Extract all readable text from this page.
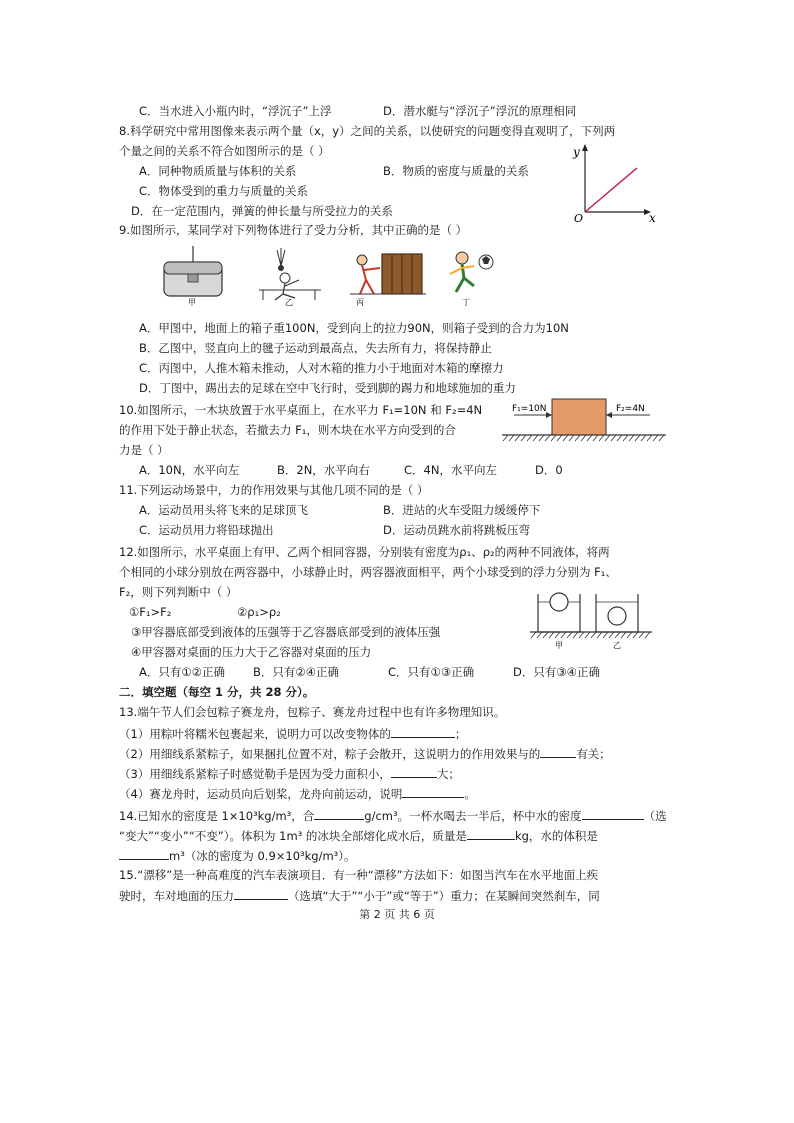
C．当水进入小瓶内时，“浮沉子”上浮	D．潜水艇与“浮沉子”浮沉的原理相同
8.科学研究中常用图像来表示两个量（x，y）之间的关系，以使研究的问题变得直观明了，下列两
个量之间的关系不符合如图所示的是（ ）
A．同种物质质量与体积的关系	B．物质的密度与质量的关系
C．物体受到的重力与质量的关系
D．在一定范围内，弹簧的伸长量与所受拉力的关系
y
x
O
9.如图所示，某同学对下列物体进行了受力分析，其中正确的是（ ）
甲	乙	丙	丁
A．甲图中，地面上的箱子重100N，受到向上的拉力90N，则箱子受到的合力为10N
B．乙图中，竖直向上的毽子运动到最高点，失去所有力，将保持静止
C．丙图中，人推木箱未推动，人对木箱的推力小于地面对木箱的摩擦力
D．丁图中，踢出去的足球在空中飞行时，受到脚的踢力和地球施加的重力
10.如图所示，一木块放置于水平桌面上，在水平力 F₁=10N 和 F₂=4N
的作用下处于静止状态，若撤去力 F₁，则木块在水平方向受到的合
力是（ ）
F₁=10N	F₂=4N
A．10N，水平向左	B．2N，水平向右	C．4N，水平向左	D．0
11.下列运动场景中，力的作用效果与其他几项不同的是（ ）
A．运动员用头将飞来的足球顶飞	B．进站的火车受阻力缓缓停下
C．运动员用力将铅球抛出	D．运动员跳水前将跳板压弯
12.如图所示，水平桌面上有甲、乙两个相同容器，分别装有密度为ρ₁、ρ₂的两种不同液体，将两
个相同的小球分别放在两容器中，小球静止时，两容器液面相平，两个小球受到的浮力分别为 F₁、
F₂，则下列判断中（ ）
①F₁>F₂	②ρ₁>ρ₂
③甲容器底部受到液体的压强等于乙容器底部受到的液体压强
④甲容器对桌面的压力大于乙容器对桌面的压力	甲	乙
A．只有①②正确 B．只有②④正确	C．只有①③正确	D．只有③④正确
二．填空题（每空 1 分，共 28 分）。
13.端午节人们会包粽子赛龙舟，包粽子、赛龙舟过程中也有许多物理知识。
（1）用粽叶将糯米包裹起来，说明力可以改变物体的	；
（2）用细线系紧粽子，如果捆扎位置不对，粽子会散开，这说明力的作用效果与的	有关；
（3）用细线系紧粽子时感觉勒手是因为受力面积小，	大；
（4）赛龙舟时，运动员向后划桨，龙舟向前运动，说明	。
14.已知水的密度是 1×10³kg/m³，合	g/cm³。一杯水喝去一半后，杯中水的密度	（选
“变大”“变小”“不变”）。体积为 1m³ 的冰块全部熔化成水后，质量是	kg，水的体积是
m³（冰的密度为 0.9×10³kg/m³）。
15.“漂移”是一种高难度的汽车表演项目．有一种“漂移”方法如下：如图当汽车在水平地面上疾
驶时，车对地面的压力	（选填“大于”“小于”或“等于”）重力；在某瞬间突然刹车，同
第 2 页 共 6 页
